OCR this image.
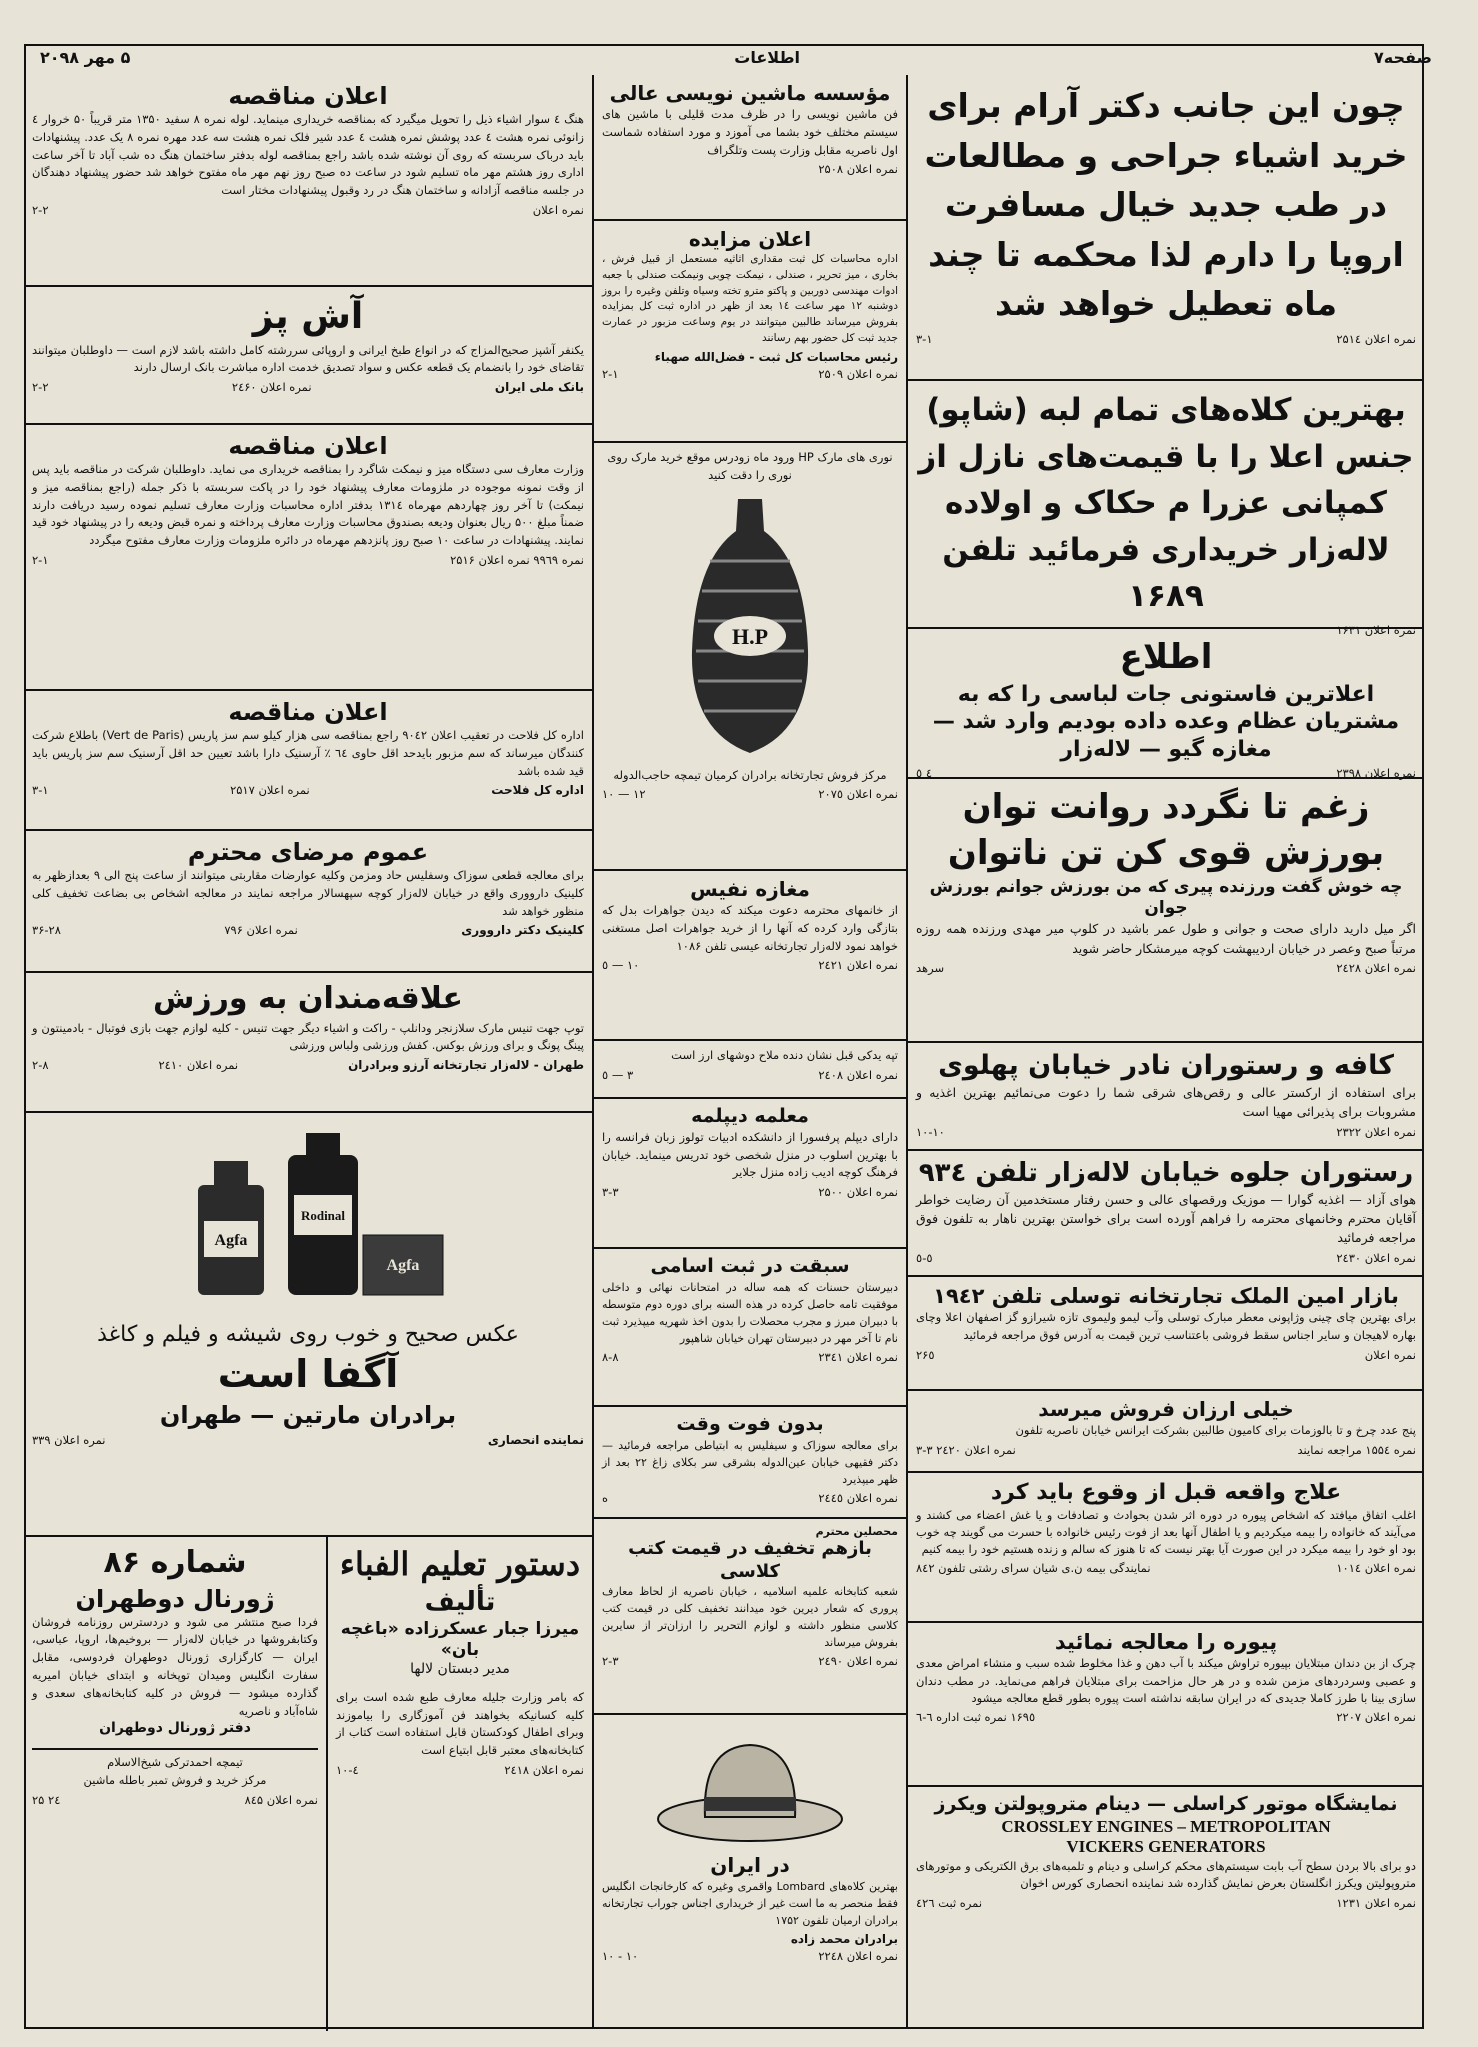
صفحه۷
اطلاعات
۵ مهر ۲۰۹۸
چون این جانب دکتر آرام برای خرید اشیاء جراحی و مطالعات در طب جدید خیال مسافرت اروپا را دارم لذا محکمه تا چند ماه تعطیل خواهد شد
نمره اعلان ۲۵۱٤
۳-۱
بهترین کلاه‌های تمام لبه (شاپو) جنس اعلا را با قیمت‌های نازل از کمپانی عزرا م حکاک و اولاده لاله‌زار خریداری فرمائید تلفن ۱۶۸۹
نمره اعلان ۱۶۳۱
اطلاع
اعلاترین فاستونی جات لباسی را که به مشتریان عظام وعده داده بودیم وارد شد — مغازه گیو — لاله‌زار
نمره اعلان ۲۳۹۸
٤ ٥
زغم تا نگردد روانت توان بورزش قوی کن تن ناتوان
چه خوش گفت ورزنده پیری که من بورزش جوانم بورزش جوان
اگر میل دارید دارای صحت و جوانی و طول عمر باشید در کلوپ میر مهدی ورزنده همه روزه مرتباً صبح وعصر در خیابان اردیبهشت کوچه میرمشکار حاضر شوید
نمره اعلان ۲٤۲۸
سرهد
کافه و رستوران نادر خیابان پهلوی
برای استفاده از ارکستر عالی و رقص‌های شرقی شما را دعوت می‌نمائیم بهترین اغذیه و مشروبات برای پذیرائی مهیا است
نمره اعلان ۲۳۲۲
۱۰-۱۰
رستوران جلوه خیابان لاله‌زار تلفن ۹۳٤
هوای آزاد — اغذیه گوارا — موزیک ورقصهای عالی و حسن رفتار مستخدمین آن رضایت خواطر آقایان محترم وخانمهای محترمه را فراهم آورده است برای خواستن بهترین ناهار به تلفون فوق مراجعه فرمائید
نمره اعلان ۲٤۳۰
٥-٥
بازار امین الملک تجارتخانه توسلی تلفن ۱۹٤۲
برای بهترین چای چینی وژاپونی معطر مبارک توسلی وآب لیمو ولیموی تازه شیرازو گز اصفهان اعلا وچای بهاره لاهیجان و سایر اجناس سقط فروشی باعتناسب ترین قیمت به آدرس فوق مراجعه فرمائید
نمره اعلان
۲۶٥
خیلی ارزان فروش میرسد
پنج عدد چرخ و تا بالوزمات برای کامیون طالبین بشرکت ایرانس خیابان ناصریه تلفون
نمره ۱۵۵٤ مراجعه نمایند
نمره اعلان ۲٤۲۰ ۳-۳
علاج واقعه قبل از وقوع باید کرد
اغلب اتفاق میافتد که اشخاص پیوره در دوره اثر شدن بحوادث و تصادفات و یا غش اعضاء می کشند و می‌آیند که خانواده را بیمه میکردیم و یا اطفال آنها بعد از فوت رئیس خانواده با حسرت می گویند چه خوب بود او خود را بیمه میکرد در این صورت آیا بهتر نیست که تا هنوز که سالم و زنده هستیم خود را بیمه کنیم
نمره اعلان ۱۰۱٤
نمایندگی بیمه ن.ی شیان سرای رشتی تلفون ۸٤۲
پیوره را معالجه نمائید
چرک از بن دندان مبتلایان بپیوره تراوش میکند با آب دهن و غذا مخلوط شده سبب و منشاء امراض معدی و عصبی وسردرد‌های مزمن شده و در هر حال مزاحمت برای مبتلایان فراهم می‌نماید. در مطب دندان سازی بینا با طرز کاملا جدیدی که در ایران سابقه نداشته است پیوره بطور قطع معالجه میشود
نمره اعلان ۲۲۰۷
۱۶۹٥ نمره ثبت اداره ٦-٦
نمایشگاه موتور کراسلی — دینام متروپولتن ویکرز
CROSSLEY ENGINES – METROPOLITAN
VICKERS GENERATORS
دو برای بالا بردن سطح آب بابت سیستم‌های محکم کراسلی و دینام و تلمبه‌های برق الکتریکی و موتور‌های متروپولیتن ویکرز انگلستان بعرض نمایش گذارده شد نماینده انحصاری کورس اخوان
نمره اعلان ۱۲۳۱
نمره ثبت ٤۲٦
مؤسسه ماشین نویسی عالی
فن ماشین نویسی را در ظرف مدت قلیلی با ماشین های سیستم مختلف خود بشما می آموزد و مورد استفاده شماست اول ناصریه مقابل وزارت پست وتلگراف
نمره اعلان ۲۵۰۸
اعلان مزایده
اداره محاسبات کل ثبت مقداری اثاثیه مستعمل از قبیل فرش ، بخاری ، میز تحریر ، صندلی ، نیمکت چوبی ونیمکت صندلی با جعبه ادوات مهندسی دوربین و پاکتو مترو تخته وسیاه وتلفن وغیره را بروز دوشنبه ۱۲ مهر ساعت ۱٤ بعد از ظهر در اداره ثبت کل بمزایده بفروش میرساند طالبین میتوانند در یوم وساعت مزبور در عمارت جدید ثبت کل حضور بهم رسانند
رئیس محاسبات کل ثبت - فضل‌الله صهباء
نمره اعلان ۲۵۰۹
۲-۱
نوری های مارک HP ورود ماه زودرس موقع خرید مارک روی نوری را دقت کنید
H.P
مرکز فروش تجارتخانه برادران کرمیان تیمچه حاجب‌الدوله
نمره اعلان ۲۰۷٥
۱۲ — ۱۰
مغازه نفیس
از خانمهای محترمه دعوت میکند که دیدن جواهرات بدل که بتازگی وارد کرده که آنها را از خرید جواهرات اصل مستغنی خواهد نمود لاله‌زار تجارتخانه عیسی تلفن ۱۰۸۶
نمره اعلان ۲٤۲۱
۱۰ — ٥
تپه یدکی قبل نشان دنده ملاح دوشهای ارز است
نمره اعلان ۲٤۰۸
۳ — ٥
معلمه دیپلمه
دارای دیپلم پرفسورا از دانشکده ادبیات تولوز زبان فرانسه را با بهترین اسلوب در منزل شخصی خود تدریس مینماید. خیابان فرهنگ کوچه ادیب زاده منزل جلایر
نمره اعلان ۲۵۰۰
۳-۳
سبقت در ثبت اسامی
دبیرستان حسنات که همه ساله در امتحانات نهائی و داخلی موفقیت تامه حاصل کرده در هذه السنه برای دوره دوم متوسطه با دبیران مبرز و مجرب محصلات را بدون اخذ شهریه میپذیرد ثبت نام تا آخر مهر در دبیرستان تهران خیابان شاهپور
نمره اعلان ۲۳٤۱
۸-۸
بدون فوت وقت
برای معالجه سوزاک و سیفلیس به ابتیاطی مراجعه فرمائید — دکتر فقیهی خیابان عین‌الدوله بشرقی سر بکلای زاغ ۲۲ بعد از ظهر میپذیرد
نمره اعلان ۲٤٤٥
ه
محصلین محترم
بازهم تخفیف در قیمت کتب کلاسی
شعبه کتابخانه علمیه اسلامیه ، خیابان ناصریه از لحاظ معارف پروری که شعار دیرین خود میدانند تخفیف کلی در قیمت کتب کلاسی منظور داشته و لوازم التحریر را ارزان‌تر از سایرین بفروش میرساند
نمره اعلان ۲٤۹۰
۲-۳
در ایران
بهترین کلاه‌های Lombard واقمری وغیره که کارخانجات انگلیس فقط منحصر به ما است غیر از خریداری اجناس جوراب تجارتخانه برادران ارمیان تلفون ۱۷۵۲
برادران محمد زاده
نمره اعلان ۲۲٤۸
۱۰ - ۱۰
اعلان مناقصه
هنگ ٤ سوار اشیاء ذیل را تحویل میگیرد که بمناقصه خریداری مینماید. لوله نمره ۸ سفید ۱۳۵۰ متر قریباً ۵۰ خروار ٤ زانوئی نمره هشت ٤ عدد پوشش نمره هشت ٤ عدد شیر فلک نمره هشت سه عدد مهره نمره ۸ یک عدد. پیشنهادات باید درباک سربسته که روی آن نوشته شده باشد راجع بمناقصه لوله بدفتر ساختمان هنگ ده شب آباد تا آخر ساعت اداری روز هشتم مهر ماه تسلیم شود در ساعت ده صبح روز نهم مهر ماه مفتوح خواهد شد حضور پیشنهاد دهندگان در جلسه مناقصه آزادانه و ساختمان هنگ در رد وقبول پیشنهادات مختار است
نمره اعلان
۲-۲
آش پز
یکنفر آشپز صحیح‌المزاج که در انواع طبخ ایرانی و اروپائی سررشته کامل داشته باشد لازم است — داوطلبان میتوانند تقاضای خود را بانضمام یک قطعه عکس و سواد تصدیق خدمت اداره مباشرت بانک ارسال دارند
بانک ملی ایران
نمره اعلان ۲٤۶۰
۲-۲
اعلان مناقصه
وزارت معارف سی دستگاه میز و نیمکت شاگرد را بمناقصه خریداری می نماید. داوطلبان شرکت در مناقصه باید پس از وقت نمونه موجوده در ملزومات معارف پیشنهاد خود را در پاکت سربسته با ذکر جمله (راجع بمناقصه میز و نیمکت) تا آخر روز چهاردهم مهرماه ۱۳۱٤ بدفتر اداره محاسبات وزارت معارف تسلیم نموده رسید دریافت دارند ضمناً مبلغ ۵۰۰ ریال بعنوان ودیعه بصندوق محاسبات وزارت معارف پرداخته و نمره قبض ودیعه را در پیشنهاد خود قید نمایند. پیشنهادات در ساعت ۱۰ صبح روز پانزدهم مهرماه در دائره ملزومات وزارت معارف مفتوح میگردد
نمره ۹۹٦۹ نمره اعلان ۲۵۱۶
۲-۱
اعلان مناقصه
اداره کل فلاحت در تعقیب اعلان ۹۰٤۲ راجع بمناقصه سی هزار کیلو سم سز پاریس (Vert de Paris) باطلاع شرکت کنندگان میرساند که سم مزبور بایدحد اقل حاوی ٦٤ ٪ آرسنیک دارا باشد تعیین حد اقل آرسنیک سم سز پاریس باید قید شده باشد
اداره کل فلاحت
نمره اعلان ۲۵۱۷
۳-۱
عموم مرضای محترم
برای معالجه قطعی سوزاک وسفلیس حاد ومزمن وکلیه عوارضات مقاربتی میتوانند از ساعت پنج الی ۹ بعدازظهر به کلینیک دارووری واقع در خیابان لاله‌زار کوچه سپهسالار مراجعه نمایند در معالجه اشخاص بی بضاعت تخفیف کلی منظور خواهد شد
کلینیک دکتر دارووری
نمره اعلان ۷۹۶
۳۶-۲۸
علاقه‌مندان به ورزش
توپ جهت تنیس مارک سلازنجر ودانلپ - راکت و اشیاء دیگر جهت تنیس - کلیه لوازم جهت بازی فوتبال - بادمینتون و پینگ پونگ و برای ورزش بوکس. کفش ورزشی ولباس ورزشی
طهران - لاله‌زار تجارتخانه آرزو وبرادران
نمره اعلان ۲٤۱۰
۲-۸
Agfa
Rodinal
Agfa
عکس صحیح و خوب روی شیشه و فیلم و کاغذ
آگفا است
برادران مارتین — طهران
نماینده انحصاری
نمره اعلان ۳۳۹
دستور تعلیم الفباء
تألیف
میرزا جبار عسکرزاده «باغچه بان»
مدیر دبستان لالها
که بامر وزارت جلیله معارف طبع شده است برای کلیه کسانیکه بخواهند فن آموزگاری را بیاموزند وبرای اطفال کودکستان قابل استفاده است کتاب از کتابخانه‌های معتبر قابل ابتیاع است
نمره اعلان ۲٤۱۸
٤-۱۰
شماره ۸۶
ژورنال دوطهران
فردا صبح منتشر می شود و دردسترس روزنامه فروشان وکتابفروشها در خیابان لاله‌زار — بروخیم‌ها، اروپا، عباسی، ایران — کارگزاری ژورنال دوطهران فردوسی، مقابل سفارت انگلیس ومیدان توپخانه و ابتدای خیابان امیریه گذارده میشود — فروش در کلیه کتابخانه‌های سعدی و شاه‌آباد و ناصریه
دفتر ژورنال دوطهران
تیمچه احمدترکی شیخ‌الاسلام
مرکز خرید و فروش تمبر باطله ماشین
نمره اعلان ۸٤۵
۲٤ ۲۵
